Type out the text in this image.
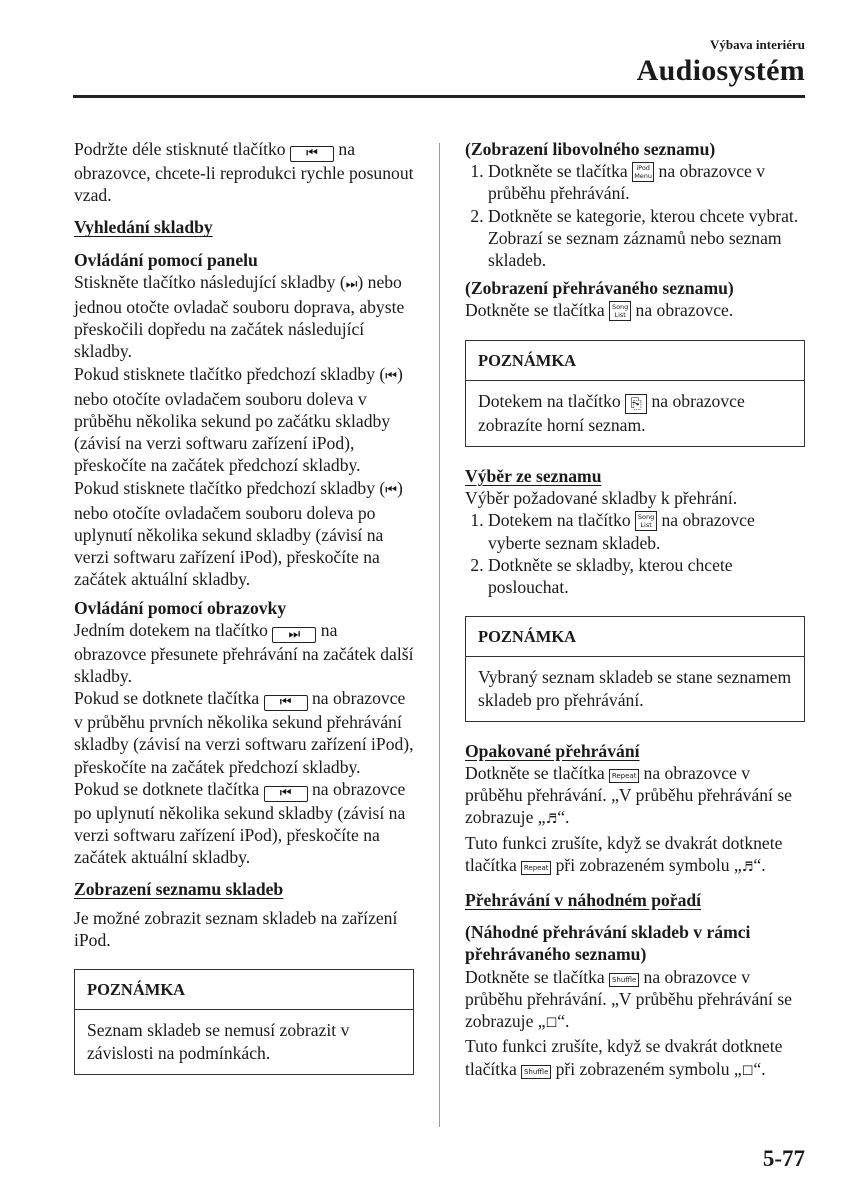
Výbava interiéru
Audiosystém

Podržte déle stisknuté tlačítko ⏮ na obrazovce, chcete-li reprodukci rychle posunout vzad.

Vyhledání skladby

Ovládání pomocí panelu

Stiskněte tlačítko následující skladby (⏭) nebo jednou otočte ovladač souboru doprava, abyste přeskočili dopředu na začátek následující skladby.

Pokud stisknete tlačítko předchozí skladby (⏮) nebo otočíte ovladačem souboru doleva v průběhu několika sekund po začátku skladby (závisí na verzi softwaru zařízení iPod), přeskočíte na začátek předchozí skladby.

Pokud stisknete tlačítko předchozí skladby (⏮) nebo otočíte ovladačem souboru doleva po uplynutí několika sekund skladby (závisí na verzi softwaru zařízení iPod), přeskočíte na začátek aktuální skladby.

Ovládání pomocí obrazovky

Jedním dotekem na tlačítko ⏭ na obrazovce přesunete přehrávání na začátek další skladby.

Pokud se dotknete tlačítka ⏮ na obrazovce v průběhu prvních několika sekund přehrávání skladby (závisí na verzi softwaru zařízení iPod), přeskočíte na začátek předchozí skladby.

Pokud se dotknete tlačítka ⏮ na obrazovce po uplynutí několika sekund skladby (závisí na verzi softwaru zařízení iPod), přeskočíte na začátek aktuální skladby.

Zobrazení seznamu skladeb

Je možné zobrazit seznam skladeb na zařízení iPod.

POZNÁMKA
Seznam skladeb se nemusí zobrazit v závislosti na podmínkách.

(Zobrazení libovolného seznamu)

1. Dotkněte se tlačítka iPod Menu na obrazovce v průběhu přehrávání.
2. Dotkněte se kategorie, kterou chcete vybrat. Zobrazí se seznam záznamů nebo seznam skladeb.

(Zobrazení přehrávaného seznamu)

Dotkněte se tlačítka Song List na obrazovce.

POZNÁMKA
Dotekem na tlačítko ⎘ na obrazovce zobrazíte horní seznam.

Výběr ze seznamu

Výběr požadované skladby k přehrání.

1. Dotekem na tlačítko Song List na obrazovce vyberte seznam skladeb.
2. Dotkněte se skladby, kterou chcete poslouchat.
POZNÁMKA
Vybraný seznam skladeb se stane seznamem skladeb pro přehrávání.

Opakované přehrávání

Dotkněte se tlačítka Repeat na obrazovce v průběhu přehrávání. „V průběhu přehrávání se zobrazuje „♬“.

Tuto funkci zrušíte, když se dvakrát dotknete tlačítka Repeat při zobrazeném symbolu „♬“.

Přehrávání v náhodném pořadí

(Náhodné přehrávání skladeb v rámci přehrávaného seznamu)

Dotkněte se tlačítka Shuffle na obrazovce v průběhu přehrávání. „V průběhu přehrávání se zobrazuje „☐“.

Tuto funkci zrušíte, když se dvakrát dotknete tlačítka Shuffle při zobrazeném symbolu „☐“.

5-77
